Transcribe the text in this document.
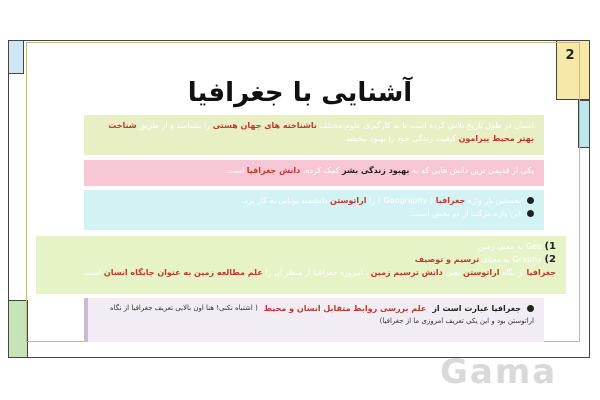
2
آشنایی با جغرافیا
انسان در طول تاریخ تلاش کرده است تا به کارگیری علوم مختلف ناشناخته های جهان هستی را بشناسد و از طریق شناخت بهتر محیط پیرامون کیفیت زندگی خود را بهبود ببخشد.
یکی از قدیمی ترین دانش هایی که به بهبود زندگی بشر کمک کرده، دانش جغرافیا است.
نخستین بار واژه جغرافیا ( Geography ) را اراتوستن دانشمند یونانی به کار برد.
این واژه مرکب از دو بخش است:
1) Geo به معنی زمین
2) Graphy به معنای ترسیم و توصیف
جغرافیا از نگاه اراتوستن یعنی دانش ترسیم زمین ، امروزه جغرافیا از منظر آن را علم مطالعه زمین به عنوان جایگاه انسان است.
جغرافیا عبارت است از
علم بررسی روابط متقابل انسان و محیط
( اشتباه نکنی! هنا اون بالایی تعریف جغرافیا از نگاه
اراتوستن بود و این یکی تعریف امروزی ما از جغرافیا)
Gama
